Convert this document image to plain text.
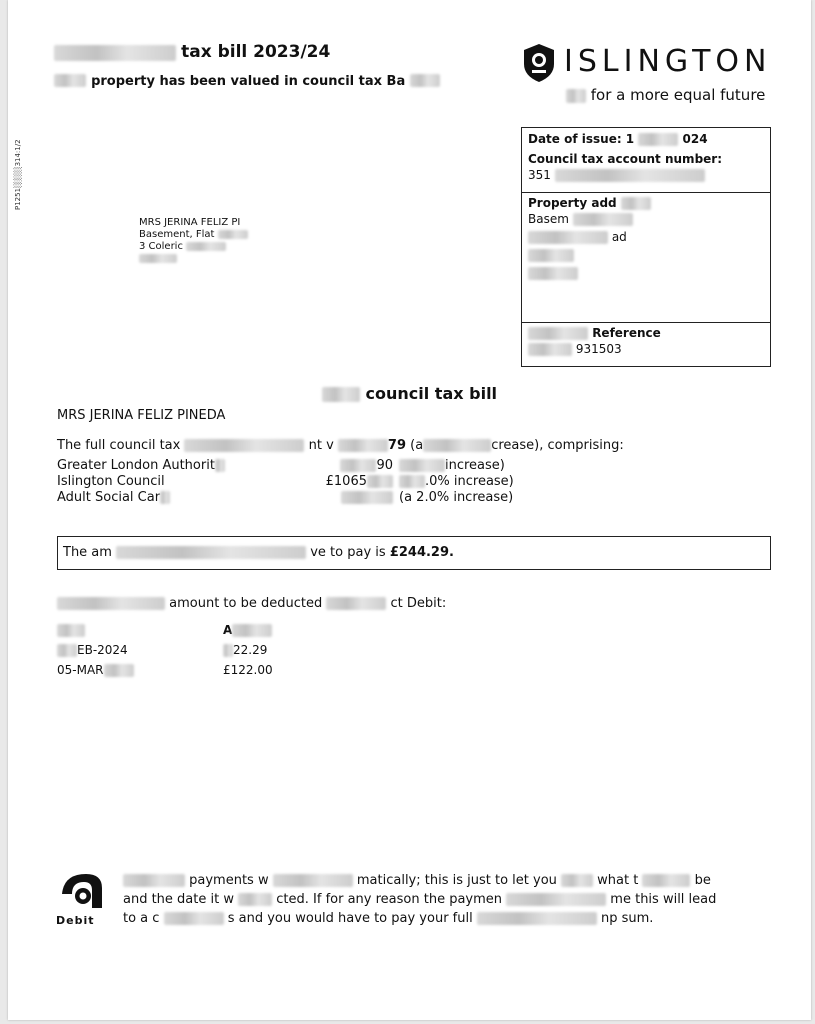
P1251░░░░314:1/2
tax bill 2023/24
property has been valued in council tax Ba
ISLINGTON
for a more equal future
Date of issue: 1	024
Council tax account number:
351
Property add
Basem
ad
Reference
931503
MRS JERINA FELIZ PI
Basement, Flat
3 Coleric
council tax bill
MRS JERINA FELIZ PINEDA
The full council tax	nt v	79 (a	crease), comprising:
Greater London Authorit	90	increase)
Islington Council	£1065	.0% increase)
Adult Social Car	(a 2.0% increase)
The am	ve to pay is £244.29.
amount to be deducted	ct Debit:
A
EB-2024	22.29
05-MAR	£122.00
Debit
payments w	matically; this is just to let you	what t	be
and the date it w	cted. If for any reason the paymen	me this will lead
to a c	s and you would have to pay your full	np sum.
